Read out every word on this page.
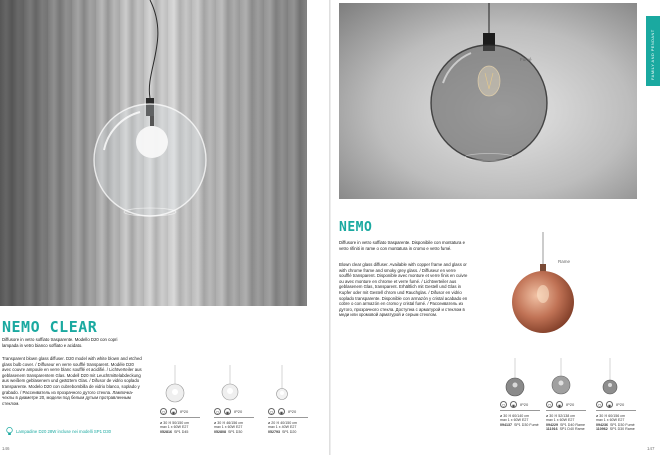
NEMO CLEAR

Diffusore in vetro soffiato trasparente. Modello D20 con copri lampada in vetro bianco soffiato e acidato.

Transparent blown glass diffuser. D20 model with white blown and etched glass bulb cover. / Diffuseur en verre soufflé transparent. Modèle D20 avec couvre ampoule en verre blanc soufflé et acidifié. / Lichtverteiler aus geblasenem transparentem Glas. Modell D20 mit Leuchtmittelabdeckung aus weißem geblasenem und geätztem Glas. / Difusor de vidrio soplado transparente. Modelo D20 con cubrebombilla de vidrio blanco, soplado y grabado. / Рассеиватель из прозрачного дутого стекла. Лампочка-чехлы в диаметре 20, модели под белым дутым протравленным стеклом.

▽	◉	IP20
ø 30 ℍ 50/150 cm
max 1 x 60W E27
052816 SP1 D45
▽	◉	IP20
ø 30 ℍ 46/156 cm
max 1 x 60W E27
052808 SP1 D30
▽	◉	IP20
ø 20 ℍ 40/150 cm
max 1 x 40W E27
052793 SP1 D20
Lampadine D20 28W incluse nei modelli SP1 D30
146
Fumé	FAMILY AND PENDANT
NEMO

Diffusore in vetro soffiato trasparente. Disponibile con montatura e vetro rifiniti in rame o con montatura in cromo e vetro fumé.

Blown clear glass diffuser. Available with copper frame and glass or with chrome frame and smoky grey glass. / Diffuseur en verre soufflé transparent. Disponible avec monture et verre finis en cuivre ou avec monture en chrome et verre fumé. / Lichtverteiler aus geblasenem Glas, transparent. Erhältlich mit Gestell und Glas in Kupfer oder mit Gestell chrom und Rauchglas. / Difusor en vidrio soplado transparente. Disponible con armazón y cristal acabado en cobre o con armazón en cromo y cristal fumé. / Рассеиватель из дутого, прозрачного стекла. Доступна с арматурой и стеклом в меди или хромовой арматурой и серым стеклом.

Rame
▽	◉	IP20
ø 30 ℍ 60/140 cm
max 1 x 60W E27
094137 SP1 D30 Fumé
▽	◉	IP20
ø 30 ℍ 52/138 cm
max 1 x 60W E27
094229 SP1 D40 Rame
111916 SP1 D40 Rame
▽	◉	IP20
ø 30 ℍ 60/156 cm
max 1 x 60W E27
094236 SP1 D30 Fumé
110962 SP1 D30 Rame
147
